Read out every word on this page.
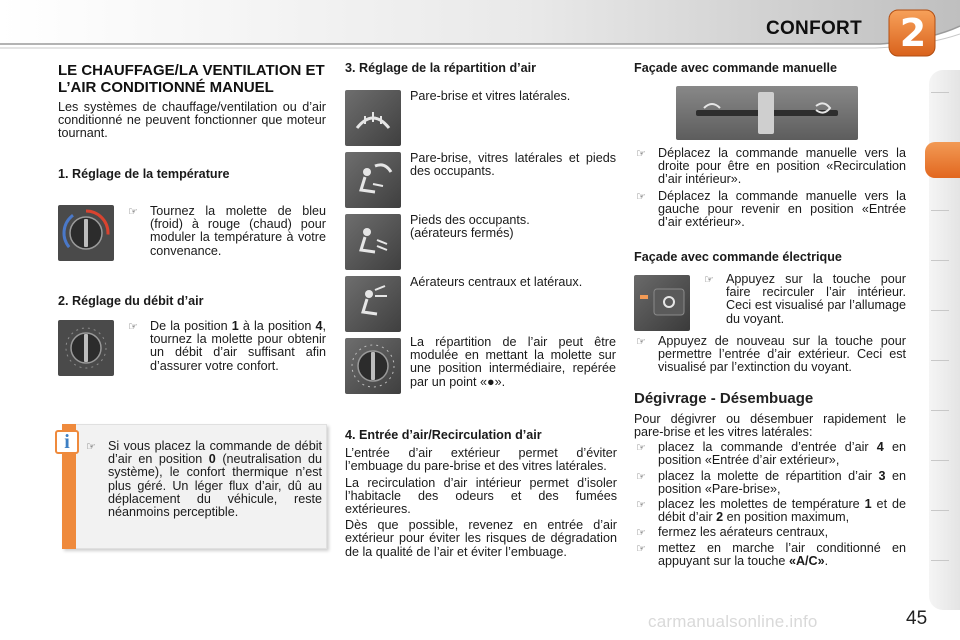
CONFORT 2
LE CHAUFFAGE/LA VENTILATION ET L’AIR CONDITIONNÉ MANUEL

Les systèmes de chauffage/ventilation ou d’air conditionné ne peuvent fonctionner que moteur tournant.

1. Réglage de la température
☞ Tournez la molette de bleu (froid) à rouge (chaud) pour moduler la température à votre convenance.
2. Réglage du débit d’air
☞ De la position 1 à la position 4, tournez la molette pour obtenir un débit d’air suffisant afin d’assurer votre confort.
i	☞ Si vous placez la commande de débit d’air en position 0 (neutralisation du système), le confort thermique n’est plus géré. Un léger flux d’air, dû au déplacement du véhicule, reste néanmoins perceptible.
3. Réglage de la répartition d’air
Pare-brise et vitres latérales.
Pare-brise, vitres latérales et pieds des occupants.
Pieds des occupants.
(aérateurs fermés)
Aérateurs centraux et latéraux.
La répartition de l’air peut être modulée en mettant la molette sur une position intermédiaire, repérée par un point «●».
4. Entrée d’air/Recirculation d’air

L’entrée d’air extérieur permet d’éviter l’embuage du pare-brise et des vitres latérales.

La recirculation d’air intérieur permet d’isoler l’habitacle des odeurs et des fumées extérieures.

Dès que possible, revenez en entrée d’air extérieur pour éviter les risques de dégradation de la qualité de l’air et éviter l’embuage.

Façade avec commande manuelle
☞ Déplacez la commande manuelle vers la droite pour être en position «Recirculation d’air intérieur».
☞ Déplacez la commande manuelle vers la gauche pour revenir en position «Entrée d’air extérieur».
Façade avec commande électrique
☞ Appuyez sur la touche pour faire recirculer l’air intérieur. Ceci est visualisé par l’allumage du voyant.
☞ Appuyez de nouveau sur la touche pour permettre l’entrée d’air extérieur. Ceci est visualisé par l’extinction du voyant.
Dégivrage - Désembuage

Pour dégivrer ou désembuer rapidement le pare-brise et les vitres latérales:

☞ placez la commande d’entrée d’air 4 en position «Entrée d’air extérieur»,
☞ placez la molette de répartition d’air 3 en position «Pare-brise»,
☞ placez les molettes de température 1 et de débit d’air 2 en position maximum,
☞ fermez les aérateurs centraux,
☞ mettez en marche l’air conditionné en appuyant sur la touche «A/C».
carmanualsonline.info	45
